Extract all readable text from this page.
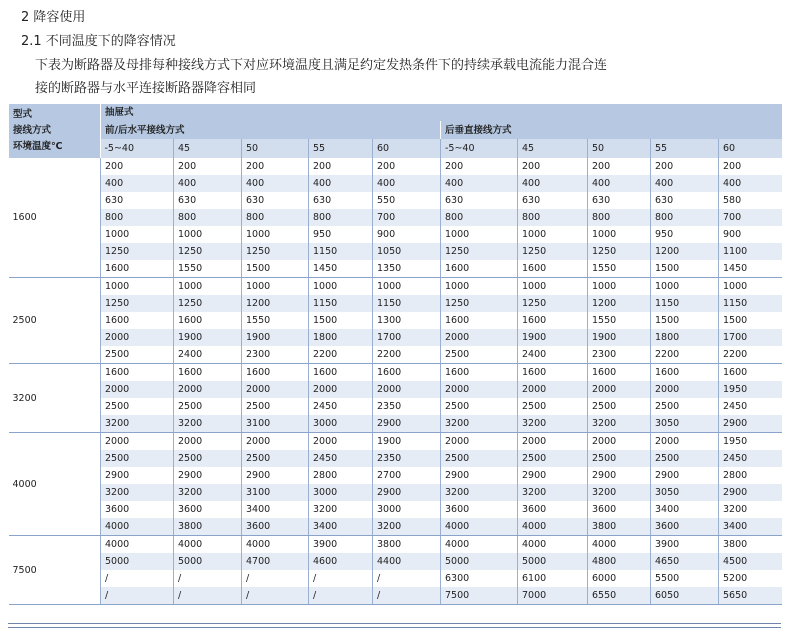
2 降容使用
2.1 不同温度下的降容情况
下表为断路器及母排每种接线方式下对应环境温度且满足约定发热条件下的持续承载电流能力混合连
接的断路器与水平连接断路器降容相同
型式
接线方式
环境温度℃	抽屉式									
	前/后水平接线方式					后垂直接线方式				
	-5~40	45	50	55	60	-5~40	45	50	55	60
1600	200	200	200	200	200	200	200	200	200	200
	400	400	400	400	400	400	400	400	400	400
	630	630	630	630	550	630	630	630	630	580
	800	800	800	800	700	800	800	800	800	700
	1000	1000	1000	950	900	1000	1000	1000	950	900
	1250	1250	1250	1150	1050	1250	1250	1250	1200	1100
	1600	1550	1500	1450	1350	1600	1600	1550	1500	1450
2500	1000	1000	1000	1000	1000	1000	1000	1000	1000	1000
	1250	1250	1200	1150	1150	1250	1250	1200	1150	1150
	1600	1600	1550	1500	1300	1600	1600	1550	1500	1500
	2000	1900	1900	1800	1700	2000	1900	1900	1800	1700
	2500	2400	2300	2200	2200	2500	2400	2300	2200	2200
3200	1600	1600	1600	1600	1600	1600	1600	1600	1600	1600
	2000	2000	2000	2000	2000	2000	2000	2000	2000	1950
	2500	2500	2500	2450	2350	2500	2500	2500	2500	2450
	3200	3200	3100	3000	2900	3200	3200	3200	3050	2900
4000	2000	2000	2000	2000	1900	2000	2000	2000	2000	1950
	2500	2500	2500	2450	2350	2500	2500	2500	2500	2450
	2900	2900	2900	2800	2700	2900	2900	2900	2900	2800
	3200	3200	3100	3000	2900	3200	3200	3200	3050	2900
	3600	3600	3400	3200	3000	3600	3600	3600	3400	3200
	4000	3800	3600	3400	3200	4000	4000	3800	3600	3400
7500	4000	4000	4000	3900	3800	4000	4000	4000	3900	3800
	5000	5000	4700	4600	4400	5000	5000	4800	4650	4500
	/	/	/	/	/	6300	6100	6000	5500	5200
	/	/	/	/	/	7500	7000	6550	6050	5650
